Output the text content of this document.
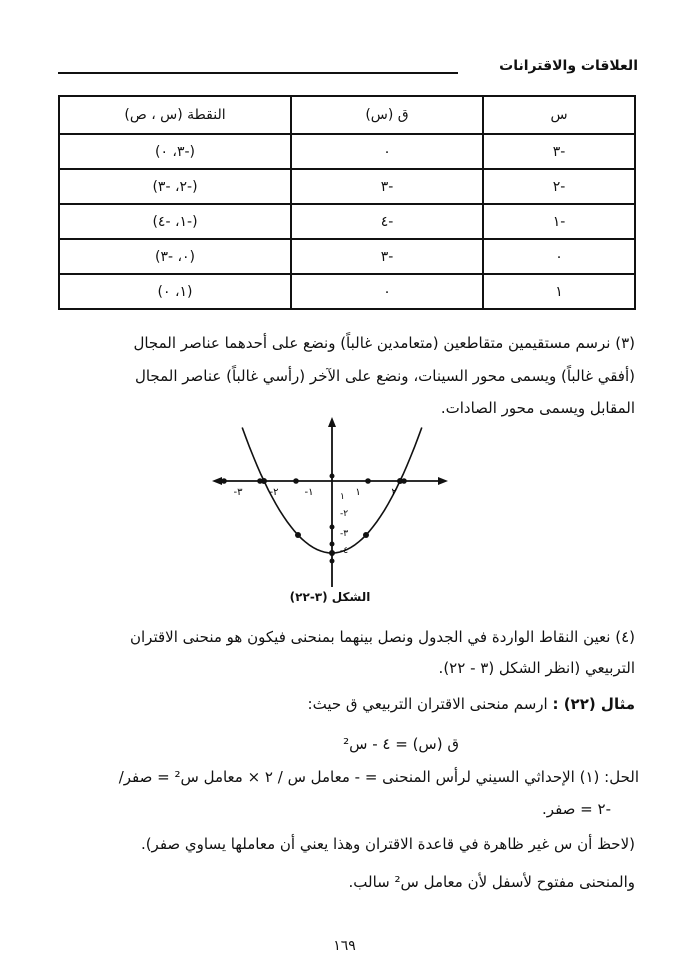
العلاقات والاقترانات
س	ق (س)	النقطة (س ، ص)
-٣	٠	(-٣، ٠)
-٢	-٣	(-٢، -٣)
-١	-٤	(-١، -٤)
٠	-٣	(٠، -٣)
١	٠	(١، ٠)
(٣) نرسم مستقيمين متقاطعين (متعامدين غالباً) ونضع على أحدهما عناصر المجال
(أفقي غالباً) ويسمى محور السينات، ونضع على الآخر (رأسي غالباً) عناصر المجال
المقابل ويسمى محور الصادات.
-٣	-٢	-١	١	٢
١
-٢
-٣
-٤
الشكل (٣-٢٢)
(٤) نعين النقاط الواردة في الجدول ونصل بينهما بمنحنى فيكون هو منحنى الاقتران
التربيعي (انظر الشكل (٣ - ٢٢).
مثال (٢٢) : ارسم منحنى الاقتران التربيعي ق حيث:
ق (س) = ٤ - س²
الحل: (١) الإحداثي السيني لرأس المنحنى = - معامل س / ٢ × معامل س² = صفر/
-٢ = صفر.
(لاحظ أن س غير ظاهرة في قاعدة الاقتران وهذا يعني أن معاملها يساوي صفر).
والمنحنى مفتوح لأسفل لأن معامل س² سالب.
١٦٩
